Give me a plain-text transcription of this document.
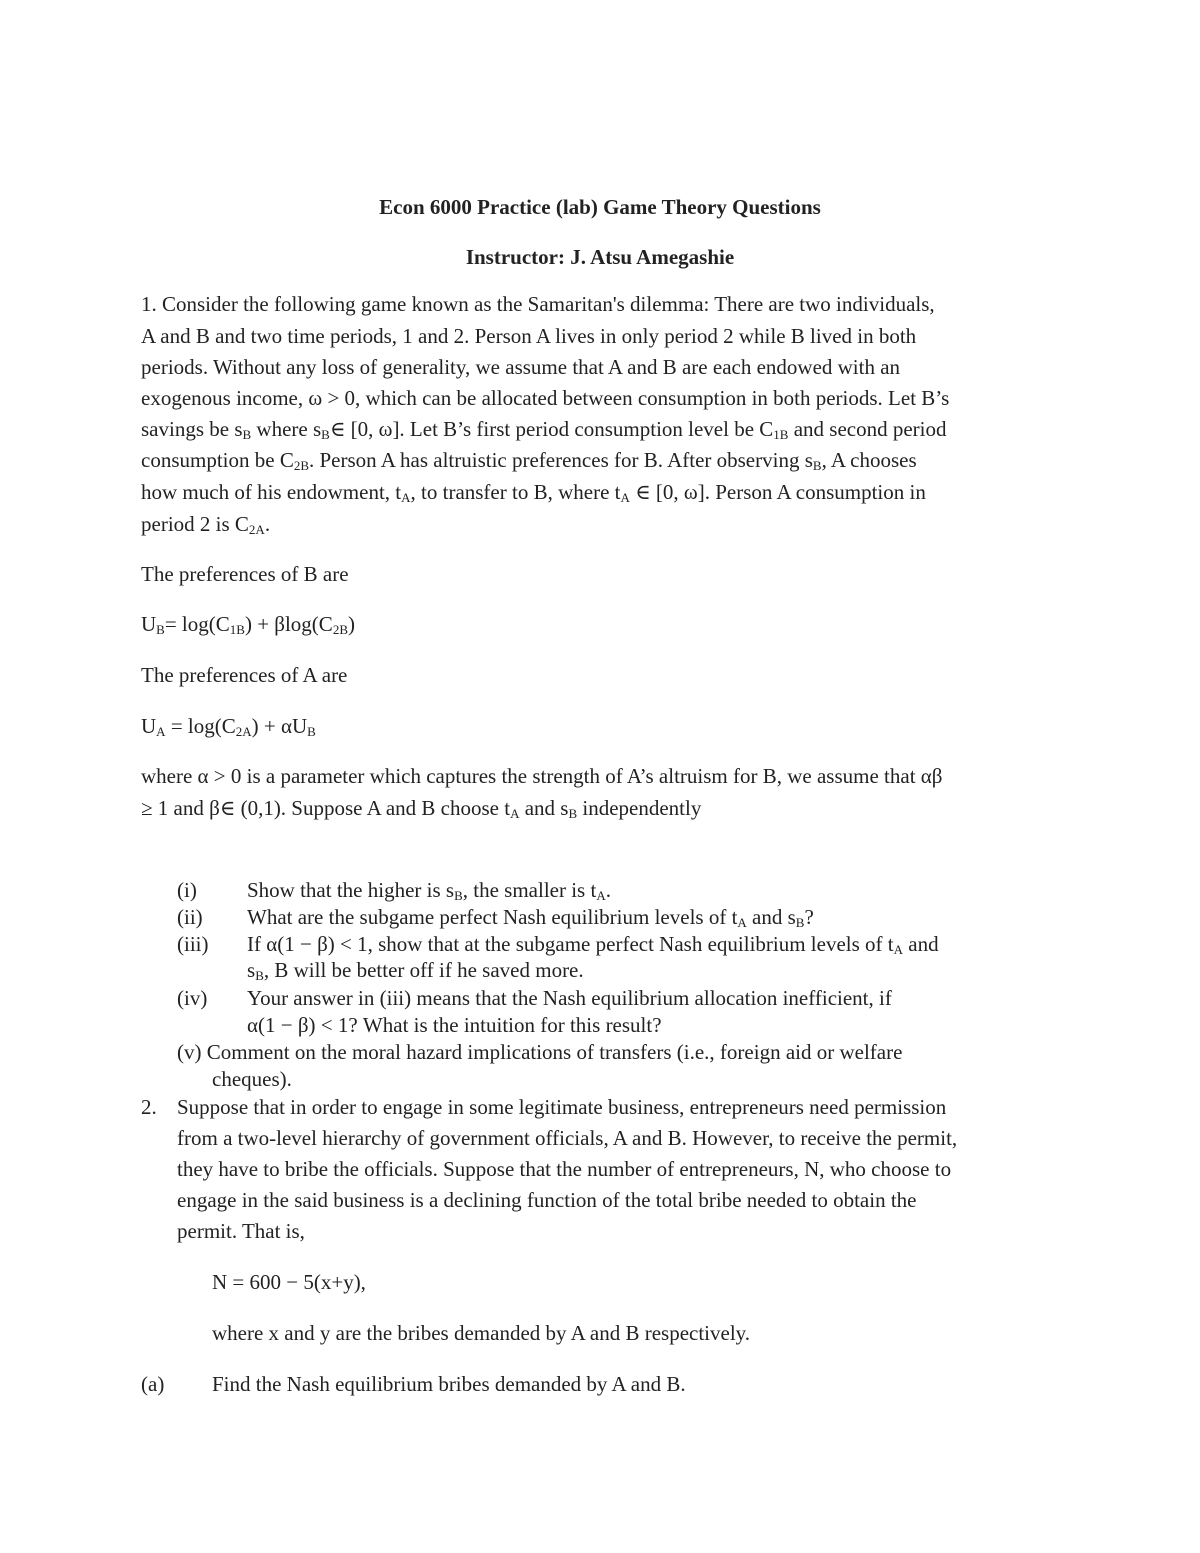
Econ 6000 Practice (lab) Game Theory Questions

Instructor: J. Atsu Amegashie

1. Consider the following game known as the Samaritan's dilemma: There are two individuals,
A and B and two time periods, 1 and 2. Person A lives in only period 2 while B lived in both
periods. Without any loss of generality, we assume that A and B are each endowed with an
exogenous income, ω > 0, which can be allocated between consumption in both periods. Let B’s
savings be $s_B$ where $s_B\in$ [0, ω]. Let B’s first period consumption level be $C_{1B}$ and second period
consumption be $C_{2B}$. Person A has altruistic preferences for B. After observing $s_B$, A chooses
how much of his endowment, $t_A$, to transfer to B, where $t_A$ ∈ [0, ω]. Person A consumption in
period 2 is $C_{2A}$.
The preferences of B are
$U_B= \log(C_{1B}) + \beta\log(C_{2B})$
The preferences of A are
$U_A = \log(C_{2A}) + \alpha U_B$
where α > 0 is a parameter which captures the strength of A’s altruism for B, we assume that αβ
≥ 1 and β∈ (0,1). Suppose A and B choose $t_A$ and $s_B$ independently
(i) Show that the higher is $s_B$, the smaller is $t_A$.
(ii) What are the subgame perfect Nash equilibrium levels of $t_A$ and $s_B$?
(iii) If α(1 − β) < 1, show that at the subgame perfect Nash equilibrium levels of $t_A$ and
$s_B$, B will be better off if he saved more.
(iv) Your answer in (iii) means that the Nash equilibrium allocation inefficient, if
α(1 − β) < 1? What is the intuition for this result?
(v) Comment on the moral hazard implications of transfers (i.e., foreign aid or welfare
cheques).
2. Suppose that in order to engage in some legitimate business, entrepreneurs need permission
from a two-level hierarchy of government officials, A and B. However, to receive the permit,
they have to bribe the officials. Suppose that the number of entrepreneurs, N, who choose to
engage in the said business is a declining function of the total bribe needed to obtain the
permit. That is,
N = 600 − 5(x+y),
where x and y are the bribes demanded by A and B respectively.
(a) Find the Nash equilibrium bribes demanded by A and B.
